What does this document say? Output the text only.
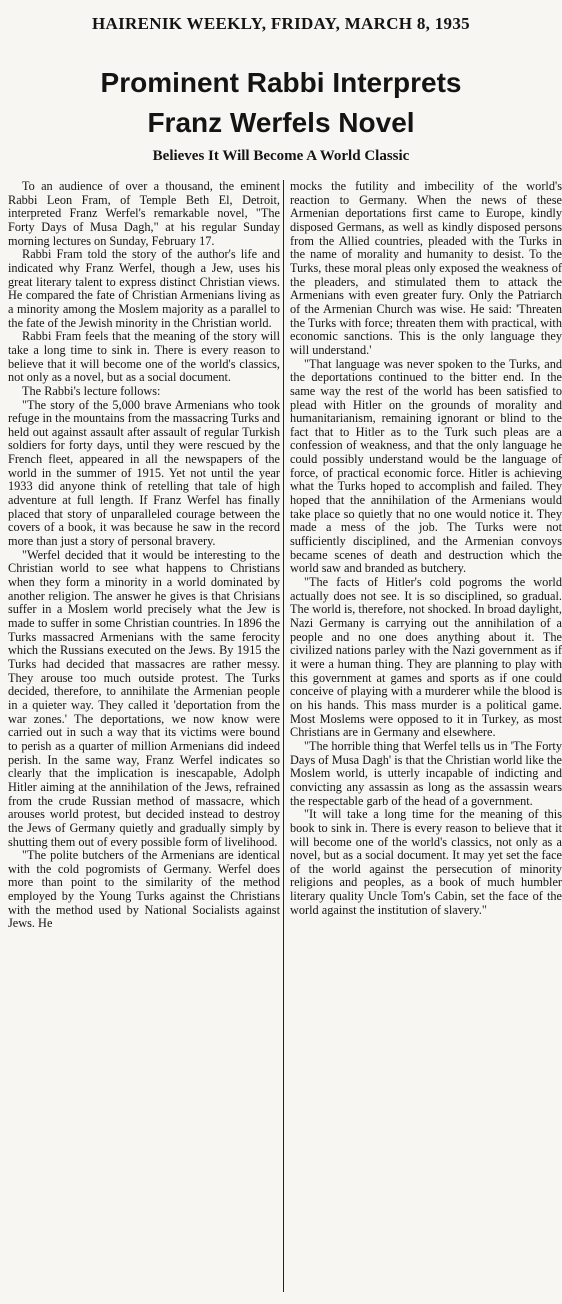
HAIRENIK WEEKLY, FRIDAY, MARCH 8, 1935
Prominent Rabbi Interprets
Franz Werfels Novel
Believes It Will Become A World Classic

To an audience of over a thousand, the eminent Rabbi Leon Fram, of Temple Beth El, Detroit, interpreted Franz Werfel's remarkable novel, "The Forty Days of Musa Dagh," at his regular Sunday morning lectures on Sunday, February 17.

Rabbi Fram told the story of the author's life and indicated why Franz Werfel, though a Jew, uses his great literary talent to express distinct Christian views. He compared the fate of Christian Armenians living as a minority among the Moslem majority as a parallel to the fate of the Jewish minority in the Christian world.

Rabbi Fram feels that the meaning of the story will take a long time to sink in. There is every reason to believe that it will become one of the world's classics, not only as a novel, but as a social document.

The Rabbi's lecture follows:

"The story of the 5,000 brave Armenians who took refuge in the mountains from the massacring Turks and held out against assault after assault of regular Turkish soldiers for forty days, until they were rescued by the French fleet, appeared in all the newspapers of the world in the summer of 1915. Yet not until the year 1933 did anyone think of retelling that tale of high adventure at full length. If Franz Werfel has finally placed that story of unparalleled courage between the covers of a book, it was because he saw in the record more than just a story of personal bravery.

"Werfel decided that it would be interesting to the Christian world to see what happens to Christians when they form a minority in a world dominated by another religion. The answer he gives is that Chrisians suffer in a Moslem world precisely what the Jew is made to suffer in some Christian countries. In 1896 the Turks massacred Armenians with the same ferocity which the Russians executed on the Jews. By 1915 the Turks had decided that massacres are rather messy. They arouse too much outside protest. The Turks decided, therefore, to annihilate the Armenian people in a quieter way. They called it 'deportation from the war zones.' The deportations, we now know were carried out in such a way that its victims were bound to perish as a quarter of million Armenians did indeed perish. In the same way, Franz Werfel indicates so clearly that the implication is inescapable, Adolph Hitler aiming at the annihilation of the Jews, refrained from the crude Russian method of massacre, which arouses world protest, but decided instead to destroy the Jews of Germany quietly and gradually simply by shutting them out of every possible form of livelihood.

"The polite butchers of the Armenians are identical with the cold pogromists of Germany. Werfel does more than point to the similarity of the method employed by the Young Turks against the Christians with the method used by National Socialists against Jews. He

mocks the futility and imbecility of the world's reaction to Germany. When the news of these Armenian deportations first came to Europe, kindly disposed Germans, as well as kindly disposed persons from the Allied countries, pleaded with the Turks in the name of morality and humanity to desist. To the Turks, these moral pleas only exposed the weakness of the pleaders, and stimulated them to attack the Armenians with even greater fury. Only the Patriarch of the Armenian Church was wise. He said: 'Threaten the Turks with force; threaten them with practical, with economic sanctions. This is the only language they will understand.'

"That language was never spoken to the Turks, and the deportations continued to the bitter end. In the same way the rest of the world has been satisfied to plead with Hitler on the grounds of morality and humanitarianism, remaining ignorant or blind to the fact that to Hitler as to the Turk such pleas are a confession of weakness, and that the only language he could possibly understand would be the language of force, of practical economic force. Hitler is achieving what the Turks hoped to accomplish and failed. They hoped that the annihilation of the Armenians would take place so quietly that no one would notice it. They made a mess of the job. The Turks were not sufficiently disciplined, and the Armenian convoys became scenes of death and destruction which the world saw and branded as butchery.

"The facts of Hitler's cold pogroms the world actually does not see. It is so disciplined, so gradual. The world is, therefore, not shocked. In broad daylight, Nazi Germany is carrying out the annihilation of a people and no one does anything about it. The civilized nations parley with the Nazi government as if it were a human thing. They are planning to play with this government at games and sports as if one could conceive of playing with a murderer while the blood is on his hands. This mass murder is a political game. Most Moslems were opposed to it in Turkey, as most Christians are in Germany and elsewhere.

"The horrible thing that Werfel tells us in 'The Forty Days of Musa Dagh' is that the Christian world like the Moslem world, is utterly incapable of indicting and convicting any assassin as long as the assassin wears the respectable garb of the head of a government.

"It will take a long time for the meaning of this book to sink in. There is every reason to believe that it will become one of the world's classics, not only as a novel, but as a social document. It may yet set the face of the world against the persecution of minority religions and peoples, as a book of much humbler literary quality Uncle Tom's Cabin, set the face of the world against the institution of slavery."
